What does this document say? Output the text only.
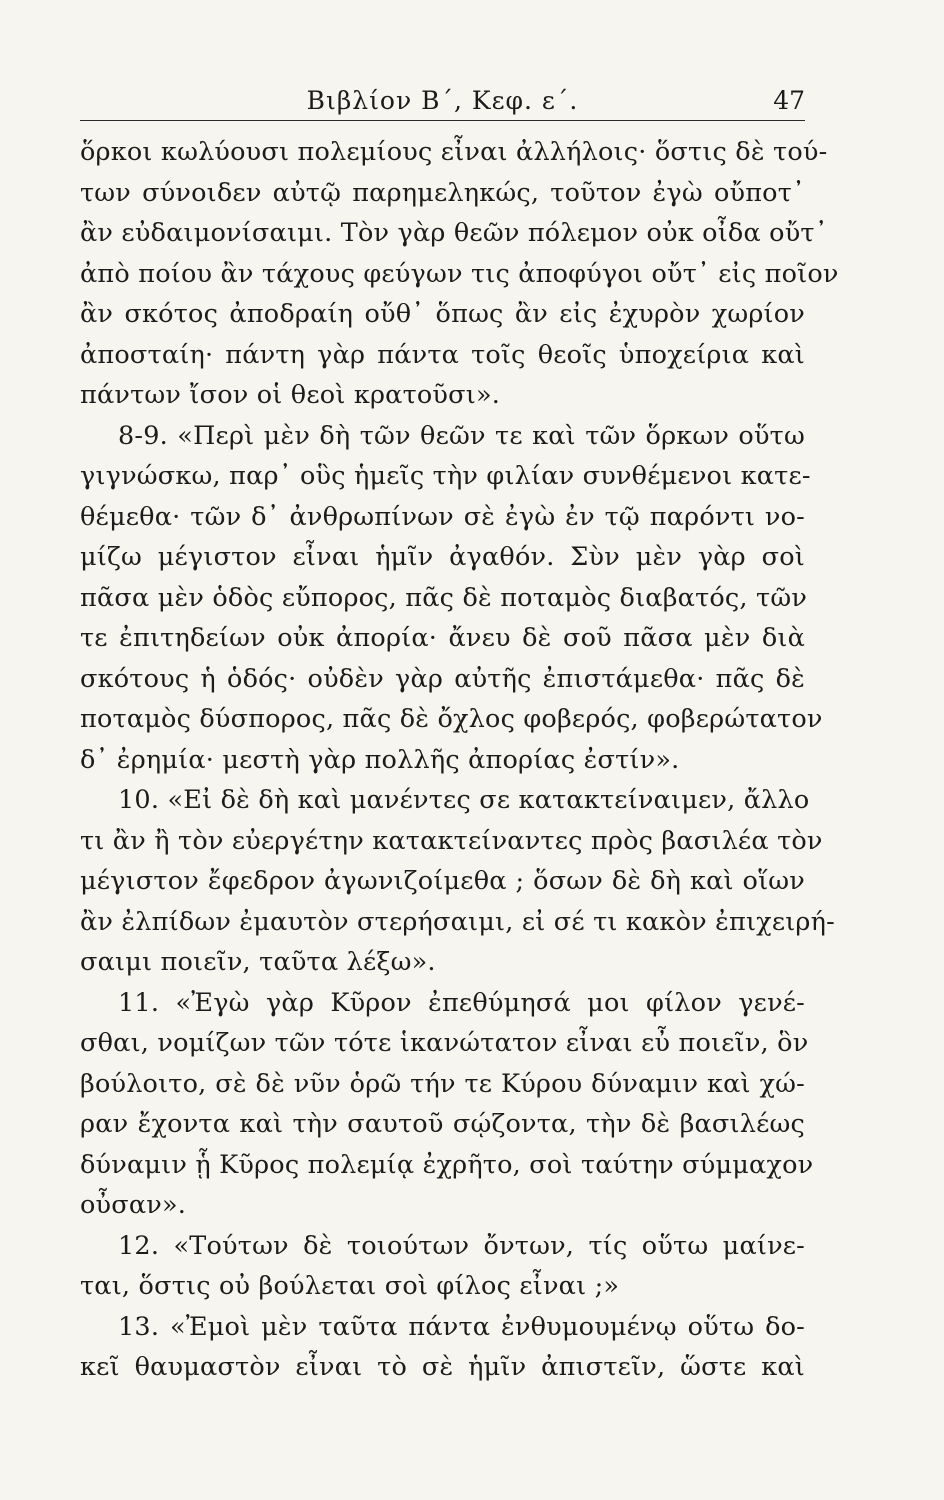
Βιβλίον Β΄, Κεφ. ε΄.	47
ὅρκοι κωλύουσι πολεμίους εἶναι ἀλλήλοις· ὅστις δὲ τού-
των σύνοιδεν αὐτῷ παρημεληκώς, τοῦτον ἐγὼ οὔποτ᾽
ἂν εὐδαιμονίσαιμι. Τὸν γὰρ θεῶν πόλεμον οὐκ οἶδα οὔτ᾽
ἀπὸ ποίου ἂν τάχους φεύγων τις ἀποφύγοι οὔτ᾽ εἰς ποῖον
ἂν σκότος ἀποδραίη οὔθ᾽ ὅπως ἂν εἰς ἐχυρὸν χωρίον
ἀποσταίη· πάντη γὰρ πάντα τοῖς θεοῖς ὑποχείρια καὶ
πάντων ἴσον οἱ θεοὶ κρατοῦσι».
8-9. «Περὶ μὲν δὴ τῶν θεῶν τε καὶ τῶν ὅρκων οὕτω
γιγνώσκω, παρ᾽ οὓς ἡμεῖς τὴν φιλίαν συνθέμενοι κατε-
θέμεθα· τῶν δ᾽ ἀνθρωπίνων σὲ ἐγὼ ἐν τῷ παρόντι νο-
μίζω μέγιστον εἶναι ἡμῖν ἀγαθόν. Σὺν μὲν γὰρ σοὶ
πᾶσα μὲν ὁδὸς εὔπορος, πᾶς δὲ ποταμὸς διαβατός, τῶν
τε ἐπιτηδείων οὐκ ἀπορία· ἄνευ δὲ σοῦ πᾶσα μὲν διὰ
σκότους ἡ ὁδός· οὐδὲν γὰρ αὐτῆς ἐπιστάμεθα· πᾶς δὲ
ποταμὸς δύσπορος, πᾶς δὲ ὄχλος φοβερός, φοβερώτατον
δ᾽ ἐρημία· μεστὴ γὰρ πολλῆς ἀπορίας ἐστίν».
10. «Εἰ δὲ δὴ καὶ μανέντες σε κατακτείναιμεν, ἄλλο
τι ἂν ἢ τὸν εὐεργέτην κατακτείναντες πρὸς βασιλέα τὸν
μέγιστον ἔφεδρον ἀγωνιζοίμεθα ; ὅσων δὲ δὴ καὶ οἵων
ἂν ἐλπίδων ἐμαυτὸν στερήσαιμι, εἰ σέ τι κακὸν ἐπιχειρή-
σαιμι ποιεῖν, ταῦτα λέξω».
11. «Ἐγὼ γὰρ Κῦρον ἐπεθύμησά μοι φίλον γενέ-
σθαι, νομίζων τῶν τότε ἱκανώτατον εἶναι εὖ ποιεῖν, ὃν
βούλοιτο, σὲ δὲ νῦν ὁρῶ τήν τε Κύρου δύναμιν καὶ χώ-
ραν ἔχοντα καὶ τὴν σαυτοῦ σῴζοντα, τὴν δὲ βασιλέως
δύναμιν ᾗ Κῦρος πολεμίᾳ ἐχρῆτο, σοὶ ταύτην σύμμαχον
οὖσαν».
12. «Τούτων δὲ τοιούτων ὄντων, τίς οὕτω μαίνε-
ται, ὅστις οὐ βούλεται σοὶ φίλος εἶναι ;»
13. «Ἐμοὶ μὲν ταῦτα πάντα ἐνθυμουμένῳ οὕτω δο-
κεῖ θαυμαστὸν εἶναι τὸ σὲ ἡμῖν ἀπιστεῖν, ὥστε καὶ
